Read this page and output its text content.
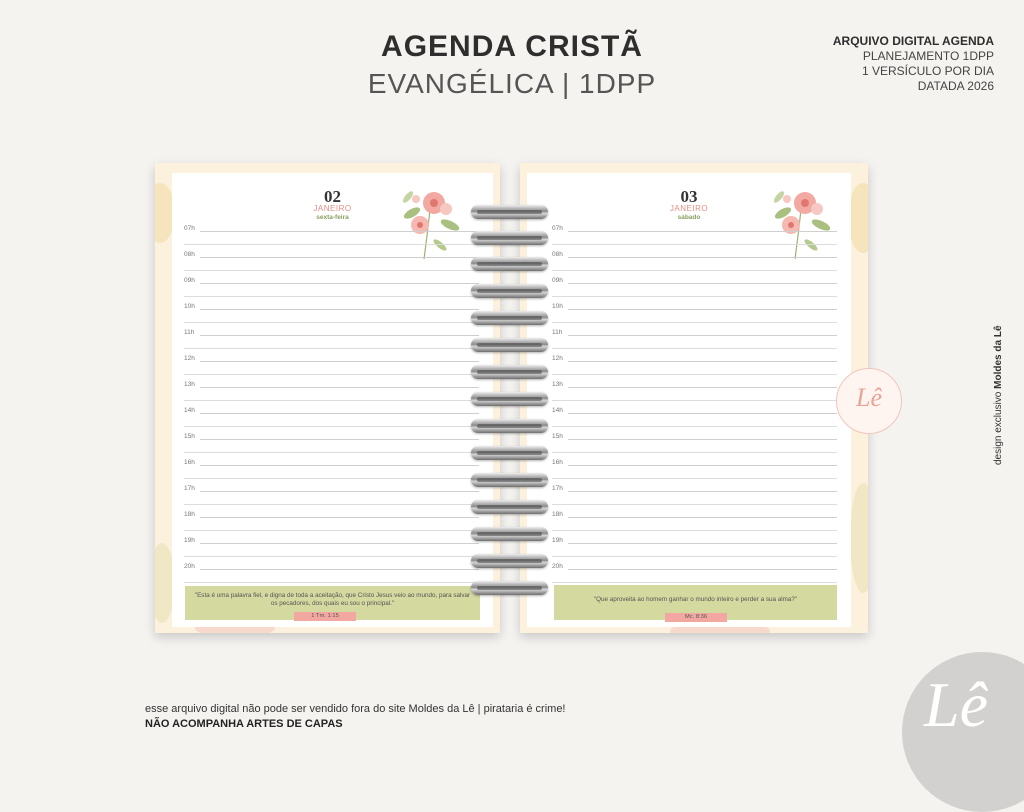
AGENDA CRISTÃ
EVANGÉLICA | 1DPP
ARQUIVO DIGITAL AGENDA
PLANEJAMENTO 1DPP
1 VERSÍCULO POR DIA
DATADA 2026
02
JANEIRO
sexta-feira
07h
08h
09h
10h
11h
12h
13h
14h
15h
16h
17h
18h
19h
20h
"Esta é uma palavra fiel, e digna de toda a aceitação, que Cristo Jesus veio ao mundo, para salvar os pecadores, dos quais eu sou o principal."
1 Tm. 1:15
03
JANEIRO
sábado
07h
08h
09h
10h
11h
12h
13h
14h
15h
16h
17h
18h
19h
20h
"Que aproveita ao homem ganhar o mundo inteiro e perder a sua alma?"
Mc. 8:36
Lê	design exclusivo Moldes da Lê
esse arquivo digital não pode ser vendido fora do site Moldes da Lê | pirataria é crime!
NÃO ACOMPANHA ARTES DE CAPAS	Lê
